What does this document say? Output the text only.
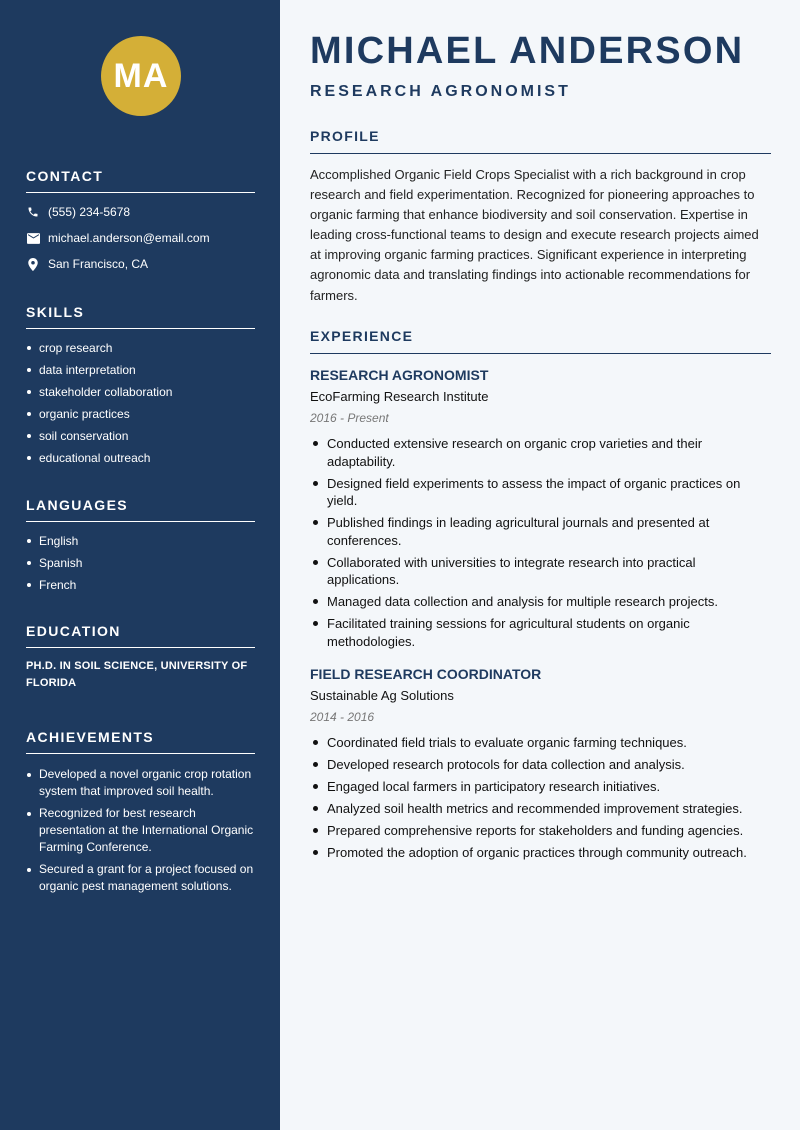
MA
CONTACT
(555) 234-5678
michael.anderson@email.com
San Francisco, CA
SKILLS
crop research
data interpretation
stakeholder collaboration
organic practices
soil conservation
educational outreach
LANGUAGES
English
Spanish
French
EDUCATION

PH.D. IN SOIL SCIENCE, UNIVERSITY OF FLORIDA

ACHIEVEMENTS
Developed a novel organic crop rotation system that improved soil health.
Recognized for best research presentation at the International Organic Farming Conference.
Secured a grant for a project focused on organic pest management solutions.
MICHAEL ANDERSON
RESEARCH AGRONOMIST
PROFILE

Accomplished Organic Field Crops Specialist with a rich background in crop research and field experimentation. Recognized for pioneering approaches to organic farming that enhance biodiversity and soil conservation. Expertise in leading cross-functional teams to design and execute research projects aimed at improving organic farming practices. Significant experience in interpreting agronomic data and translating findings into actionable recommendations for farmers.

EXPERIENCE
RESEARCH AGRONOMIST
EcoFarming Research Institute
2016 - Present
Conducted extensive research on organic crop varieties and their adaptability.
Designed field experiments to assess the impact of organic practices on yield.
Published findings in leading agricultural journals and presented at conferences.
Collaborated with universities to integrate research into practical applications.
Managed data collection and analysis for multiple research projects.
Facilitated training sessions for agricultural students on organic methodologies.
FIELD RESEARCH COORDINATOR
Sustainable Ag Solutions
2014 - 2016
Coordinated field trials to evaluate organic farming techniques.
Developed research protocols for data collection and analysis.
Engaged local farmers in participatory research initiatives.
Analyzed soil health metrics and recommended improvement strategies.
Prepared comprehensive reports for stakeholders and funding agencies.
Promoted the adoption of organic practices through community outreach.
